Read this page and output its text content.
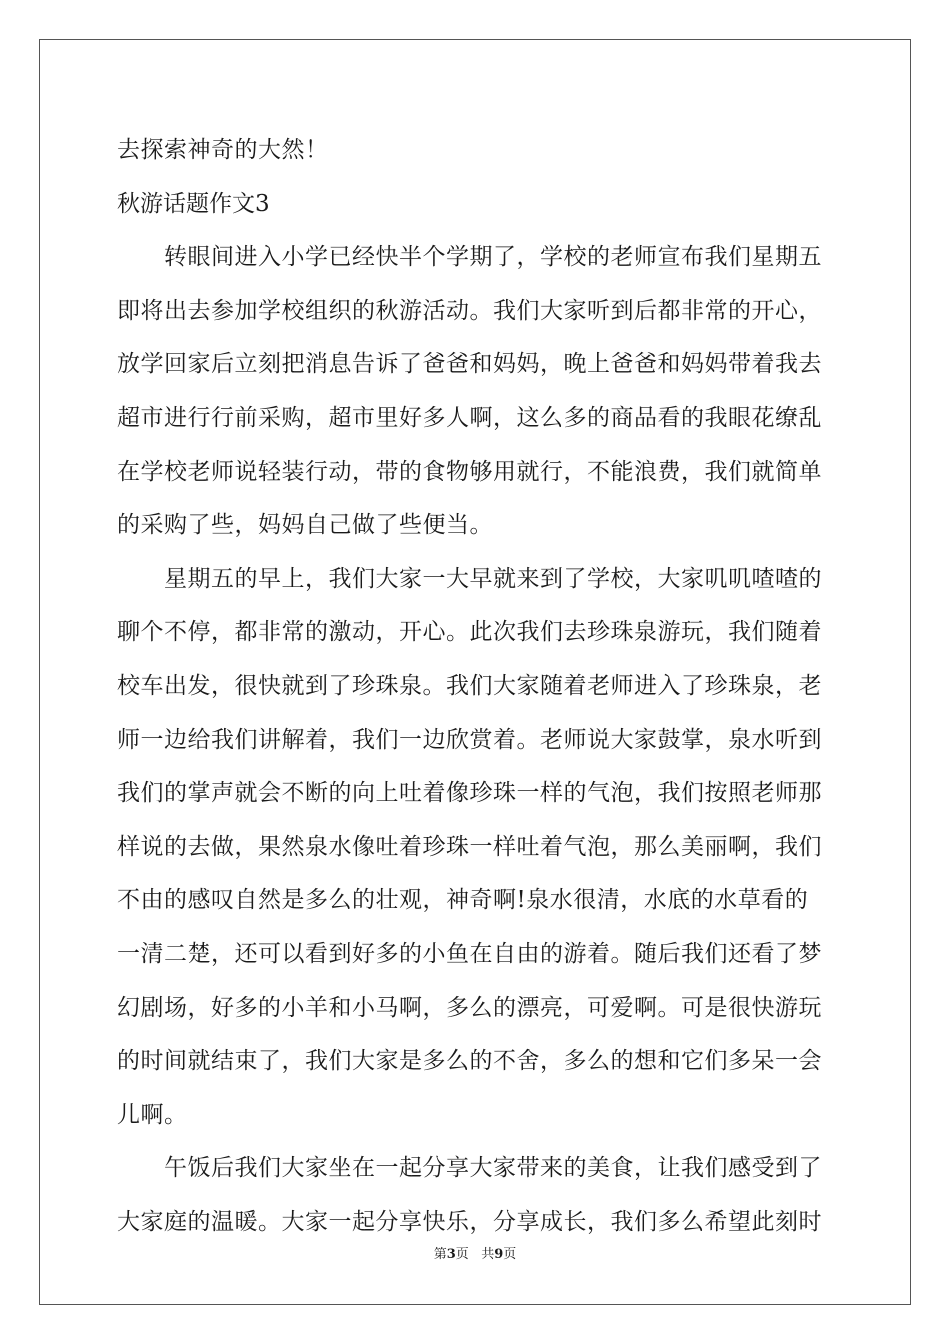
去探索神奇的大然！
秋游话题作文3
　　转眼间进入小学已经快半个学期了，学校的老师宣布我们星期五
即将出去参加学校组织的秋游活动。我们大家听到后都非常的开心，
放学回家后立刻把消息告诉了爸爸和妈妈，晚上爸爸和妈妈带着我去
超市进行行前采购，超市里好多人啊，这么多的商品看的我眼花缭乱
在学校老师说轻装行动，带的食物够用就行，不能浪费，我们就简单
的采购了些，妈妈自己做了些便当。
　　星期五的早上，我们大家一大早就来到了学校，大家叽叽喳喳的
聊个不停，都非常的激动，开心。此次我们去珍珠泉游玩，我们随着
校车出发，很快就到了珍珠泉。我们大家随着老师进入了珍珠泉，老
师一边给我们讲解着，我们一边欣赏着。老师说大家鼓掌，泉水听到
我们的掌声就会不断的向上吐着像珍珠一样的气泡，我们按照老师那
样说的去做，果然泉水像吐着珍珠一样吐着气泡，那么美丽啊，我们
不由的感叹自然是多么的壮观，神奇啊!泉水很清，水底的水草看的
一清二楚，还可以看到好多的小鱼在自由的游着。随后我们还看了梦
幻剧场，好多的小羊和小马啊，多么的漂亮，可爱啊。可是很快游玩
的时间就结束了，我们大家是多么的不舍，多么的想和它们多呆一会
儿啊。
　　午饭后我们大家坐在一起分享大家带来的美食，让我们感受到了
大家庭的温暖。大家一起分享快乐，分享成长，我们多么希望此刻时
第3页 共9页
